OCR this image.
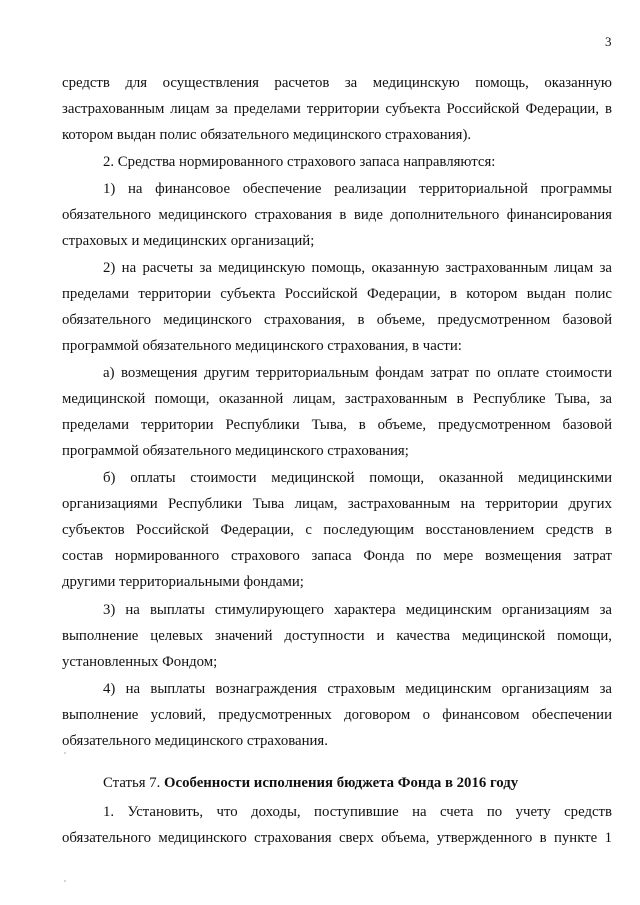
3
средств для осуществления расчетов за медицинскую помощь, оказанную
застрахованным лицам за пределами территории субъекта Российской Федерации, в
котором выдан полис обязательного медицинского страхования).
2. Средства нормированного страхового запаса направляются:
1) на финансовое обеспечение реализации территориальной программы
обязательного медицинского страхования в виде дополнительного финансирования
страховых и медицинских организаций;
2) на расчеты за медицинскую помощь, оказанную застрахованным лицам за
пределами территории субъекта Российской Федерации, в котором выдан полис
обязательного медицинского страхования, в объеме, предусмотренном базовой
программой обязательного медицинского страхования, в части:
а) возмещения другим территориальным фондам затрат по оплате стоимости
медицинской помощи, оказанной лицам, застрахованным в Республике Тыва, за
пределами территории Республики Тыва, в объеме, предусмотренном базовой
программой обязательного медицинского страхования;
б) оплаты стоимости медицинской помощи, оказанной медицинскими
организациями Республики Тыва лицам, застрахованным на территории других
субъектов Российской Федерации, с последующим восстановлением средств в
состав нормированного страхового запаса Фонда по мере возмещения затрат
другими территориальными фондами;
3) на выплаты стимулирующего характера медицинским организациям за
выполнение целевых значений доступности и качества медицинской помощи,
установленных Фондом;
4) на выплаты вознаграждения страховым медицинским организациям за
выполнение условий, предусмотренных договором о финансовом обеспечении
обязательного медицинского страхования.
Статья 7. Особенности исполнения бюджета Фонда в 2016 году
1. Установить, что доходы, поступившие на счета по учету средств
обязательного медицинского страхования сверх объема, утвержденного в пункте 1
